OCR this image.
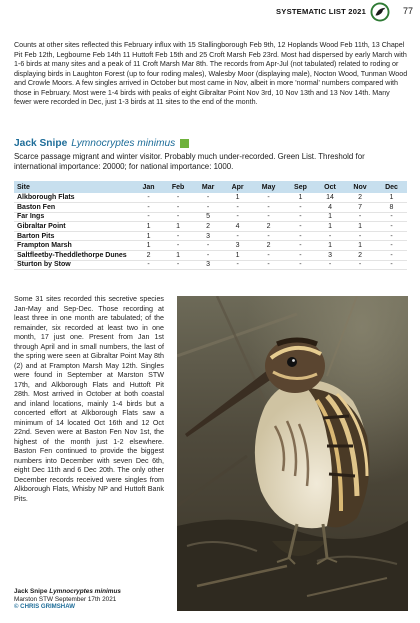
SYSTEMATIC LIST 2021	77

Counts at other sites reflected this February influx with 15 Stallingborough Feb 9th, 12 Hoplands Wood Feb 11th, 13 Chapel Pit Feb 12th, Legbourne Feb 14th 11 Huttoft Feb 15th and 25 Croft Marsh Feb 23rd. Most had dispersed by early March with 1-6 birds at many sites and a peak of 11 Croft Marsh Mar 8th. The records from Apr-Jul (not tabulated) related to roding or displaying birds in Laughton Forest (up to four roding males), Walesby Moor (displaying male), Nocton Wood, Tunman Wood and Crowle Moors. A few singles arrived in October but most came in Nov, albeit in more 'normal' numbers compared with those in February. Most were 1-4 birds with peaks of eight Gibraltar Point Nov 3rd, 10 Nov 13th and 13 Nov 14th. Many fewer were recorded in Dec, just 1-3 birds at 11 sites to the end of the month.

Jack Snipe Lymnocryptes minimus

Scarce passage migrant and winter visitor. Probably much under-recorded. Green List. Threshold for international importance: 20000; for national importance: 1000.

Site	Jan	Feb	Mar	Apr	May	Sep	Oct	Nov	Dec
Alkborough Flats	-	-	-	1	-	1	14	2	1
Baston Fen	-	-	-	-	-	-	4	7	8
Far Ings	-	-	5	-	-	-	1	-	-
Gibraltar Point	1	1	2	4	2	-	1	1	-
Barton Pits	1	-	3	-	-	-	-	-	-
Frampton Marsh	1	-	-	3	2	-	1	1	-
Saltfleetby-Theddlethorpe Dunes	2	1	-	1	-	-	3	2	-
Sturton by Stow	-	-	3	-	-	-	-	-	-

Some 31 sites recorded this secretive species Jan-May and Sep-Dec. Those recording at least three in one month are tabulated; of the remainder, six recorded at least two in one month, 17 just one. Present from Jan 1st through April and in small numbers, the last of the spring were seen at Gibraltar Point May 8th (2) and at Frampton Marsh May 12th. Singles were found in September at Marston STW 17th, and Alkborough Flats and Huttoft Pit 28th. Most arrived in October at both coastal and inland locations, mainly 1-4 birds but a concerted effort at Alkborough Flats saw a minimum of 14 located Oct 16th and 12 Oct 22nd. Seven were at Baston Fen Nov 1st, the highest of the month just 1-2 elsewhere. Baston Fen continued to provide the biggest numbers into December with seven Dec 6th, eight Dec 11th and 6 Dec 20th. The only other December records received were singles from Alkborough Flats, Whisby NP and Huttoft Bank Pits.

Jack Snipe Lymnocryptes minimus
Marston STW September 17th 2021
© CHRIS GRIMSHAW
